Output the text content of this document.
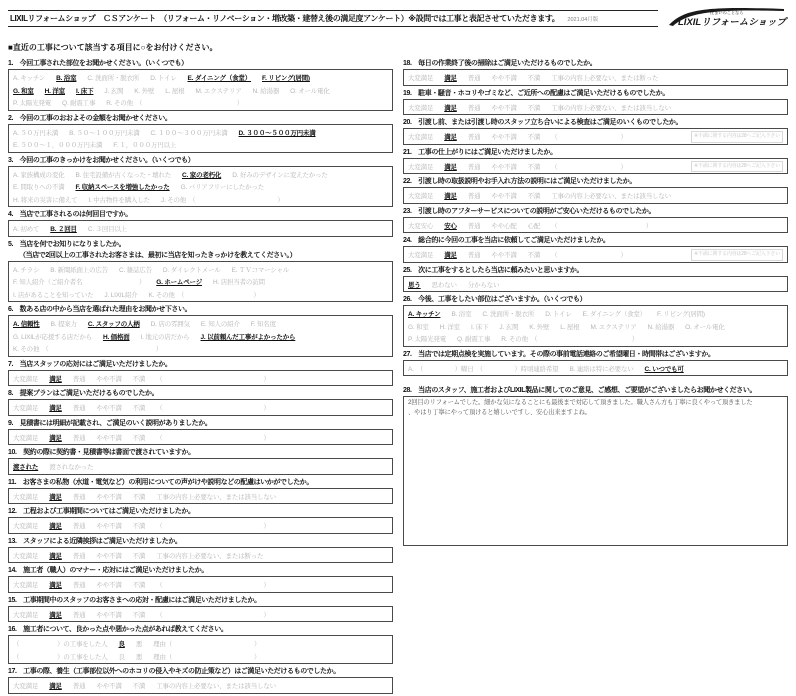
LIXILリフォームショップ　ＣＳアンケート　（リフォーム・リノベーション・増改築・建替え後の満足度アンケート）※設問では工事と表記させていただきます。 2021.04月版
住まいのことなら
LIXILリフォームショップ
■直近の工事について該当する項目に○をお付けください。
1.　今回工事された部位をお聞かせください。（いくつでも）
A. キッチン B. 浴室 C. 洗面所・脱衣所 D. トイレ E. ダイニング（食堂） F. リビング(居間)
G. 和室 H. 洋室 I. 床下 J. 玄関 K. 外壁 L. 屋根 M. エクステリア N. 給湯器 O. オール電化
P. 太陽光発電 Q. 耐震工事 R. その他　（　　　　　　　　　　　　　　　）
2.　今回の工事のおおよその金額をお聞かせください。
A. ５０万円未満 B. ５０～１００万円未満 C. １００～３００万円未満 D. ３００～５００万円未満
E. ５００～１，０００万円未満 F. １，０００万円以上
3.　今回の工事のきっかけをお聞かせください。（いくつでも）
A. 家族構成の変化 B. 住宅設備が古くなった・壊れた C. 家の老朽化 D. 好みのデザインに変えたかった
E. 間取りへの不満 F. 収納スペースを増強したかった G. バリアフリーにしたかった
H. 将来の災害に備えて I. 中古物件を購入した J. その他　（　　　　　　　　　　　　　）
4.　当店で工事されるのは何回目ですか。
A. 初めて B. ２回目 C. ３回目以上
5.　当店を何でお知りになりましたか。
（当店で2回以上の工事されたお客さまは、最初に当店を知ったきっかけを教えてください。）
A. チラシ B. 新聞紙面上の広告 C. 雑誌広告 D. ダイレクトメール E. ＴＶコマーシャル
F. 知人紹介（ご紹介者名　　　　　　　　　） G. ホームページ H. 店担当者の訪問
I. 店があることを知っていた J. LIXIL紹介 K. その他　（　　　　　　　　　　　）
6.　数ある店の中から当店を選ばれた理由をお聞かせ下さい。
A. 信頼性 B. 提案力 C. スタッフの人柄 D. 店の雰囲気 E. 知人の紹介 F. 知名度
G. LIXILが応援する店だから H. 価格面 I. 地元の店だから J. 以前頼んだ工事がよかったから
K. その他　（　　　　　　　　　　　　　　　　　）
7.　当店スタッフの応対にはご満足いただけましたか。
大変満足 満足 普通 やや不満 不満 （　　　　　　　　　　　　　　　　）
8.　提案プランはご満足いただけるものでしたか。
大変満足 満足 普通 やや不満 不満 （　　　　　　　　　　　　　　　　）
9.　見積書には明細が記載され、ご満足のいく説明がありましたか。
大変満足 満足 普通 やや不満 不満 （　　　　　　　　　　　　　　　　）
10.　契約の際に契約書・見積書等は書面で渡されていますか。
渡された 渡されなかった
11.　お客さまの私物（水道・電気など）の利用についての声がけや説明などの配慮はいかがでしたか。
大変満足 満足 普通 やや不満 不満 工事の内容上必要ない、または該当しない
12.　工程および工事期間についてはご満足いただけましたか。
大変満足 満足 普通 やや不満 不満 （　　　　　　　　　　　　　　　　）
13.　スタッフによる近隣挨拶はご満足いただけましたか。
大変満足 満足 普通 やや不満 不満 工事の内容上必要ない、または断った
14.　施工者（職人）のマナー・応対にはご満足いただけましたか。
大変満足 満足 普通 やや不満 不満 （　　　　　　　　　　　　　　　　）
15.　工事期間中のスタッフのお客さまへの応対・配慮にはご満足いただけましたか。
大変満足 満足 普通 やや不満 不満 （　　　　　　　　　　　　　　　　）
16.　施工者について、良かった点や悪かった点があれば教えてください。
（　　　　　　）の工事をした人 良 悪 理由（　　　　　　　　　　　　　）
（　　　　　　）の工事をした人 良 悪 理由（　　　　　　　　　　　　　）
17.　工事の際、養生（工事部位以外へのホコリの侵入やキズの防止策など）はご満足いただけるものでしたか。
大変満足 満足 普通 やや不満 不満 工事の内容上必要ない、または該当しない
18.　毎日の作業終了後の掃除はご満足いただけるものでしたか。
大変満足 満足 普通 やや不満 不満 工事の内容上必要ない、または断った
19.　駐車・騒音・ホコリやゴミなど、ご近所への配慮はご満足いただけるものでしたか。
大変満足 満足 普通 やや不満 不満 工事の内容上必要ない、または該当しない
20.　引渡し前、または引渡し時のスタッフ立ち合いによる検査はご満足のいくものでしたか。
※不満に関する内容は28へご記入下さい
大変満足 満足 普通 やや不満 不満 （　　　　　　　　　　）
21.　工事の仕上がりにはご満足いただけましたか。
※不満に関する内容は28へご記入下さい
大変満足 満足 普通 やや不満 不満 （　　　　　　　　　　）
22.　引渡し時の取扱説明やお手入れ方法の説明にはご満足いただけましたか。
大変満足 満足 普通 やや不満 不満 工事の内容上必要ない、または該当しない
23.　引渡し時のアフターサービスについての説明がご安心いただけるものでしたか。
大変安心 安心 普通 やや心配 心配 （　　　　　　　　　　　　　　）
24.　総合的に今回の工事を当店に依頼してご満足いただけましたか。
※不満に関する内容は28へご記入下さい
大変満足 満足 普通 やや不満 不満 （　　　　　　　　　　）
25.　次に工事をするとしたら当店に頼みたいと思いますか。
思う 思わない 分からない
26.　今後、工事をしたい部位はございますか。（いくつでも）
A. キッチン B. 浴室 C. 洗面所・脱衣所 D. トイレ E. ダイニング（食堂） F. リビング(居間)
G. 和室 H. 洋室 I. 床下 J. 玄関 K. 外壁 L. 屋根 M. エクステリア N. 給湯器 O. オール電化
P. 太陽光発電 Q. 耐震工事 R. その他　（　　　　　　　　　　　　　　　）
27.　当店では定期点検を実施しています。その際の事前電話連絡のご希望曜日・時間帯はございますか。
A.　（　　　　　）曜日　（　　　　　）時頃連絡希望 B. 連絡は特に必要ない C. いつでも可
28.　当店のスタッフ、施工者およびLIXIL製品に関してのご意見、ご感想、ご要望がございましたらお聞かせください。
2回目のリフォームでした。細かな気になることにも最後まで対応して頂きました。職人さん方も丁寧に良くやって頂きました
、やはり丁寧にやって頂けると嬉しいですし、安心出来ますよね。
